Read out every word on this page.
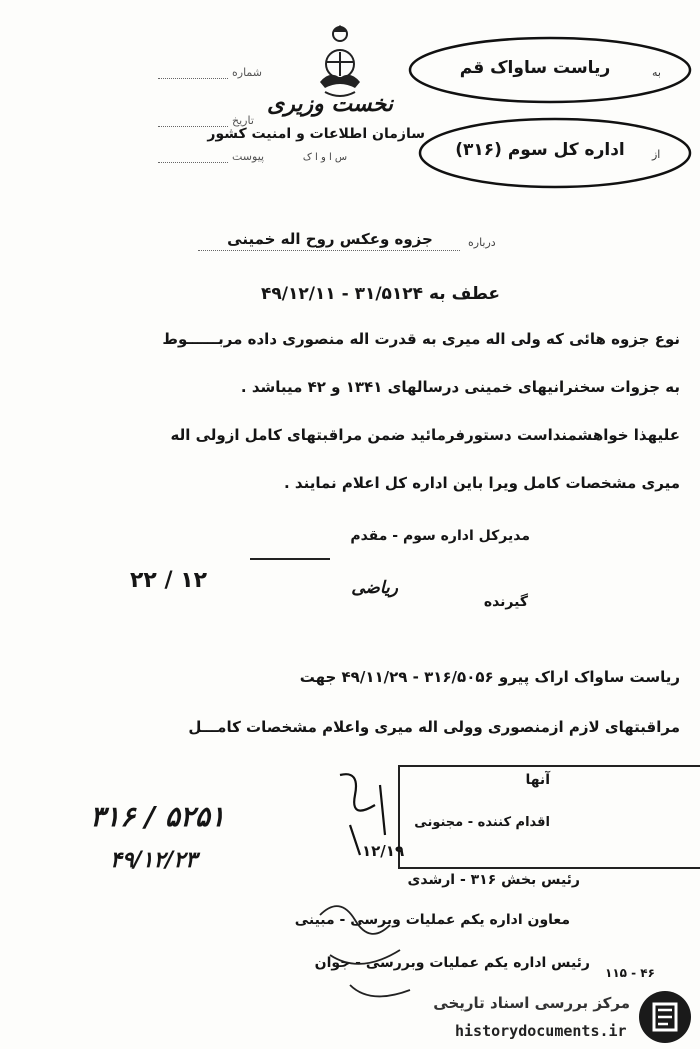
نخست وزیری
سازمان اطلاعات و امنیت کشور
س ا و ا ک
شماره
تاریخ
پیوست
به
ریاست ساواک قم
از
اداره کل سوم (۳۱۶)
درباره
جزوه وعکس روح اله خمینی
عطف به ۳۱/۵۱۲۴ - ۴۹/۱۲/۱۱
نوع جزوه هائی که ولی اله میری به قدرت اله منصوری داده مربــــــوط
به جزوات سخنرانیهای خمینی درسالهای ۱۳۴۱ و ۴۲ میباشد .
علیهذا خواهشمنداست دستورفرمائید ضمن مراقبتهای کامل ازولی اله
میری مشخصات کامل ویرا باین اداره کل اعلام نمایند .
مدیرکل اداره سوم - مقدم
۲۲ / ۱۲	ریاضی
گیرنده
ریاست ساواک اراک پیرو ۳۱۶/۵۰۵۶ - ۴۹/۱۱/۲۹ جهت
مراقبتهای لازم ازمنصوری وولی اله میری واعلام مشخصات کامـــل
آنها
اقدام کننده - مجنونی
۱۲/۱۹
۳۱۶ / ۵۲۵۱
۴۹/۱۲/۲۳
رئیس بخش ۳۱۶ - ارشدی
معاون اداره یکم عملیات وبرسی - مبینی
رئیس اداره یکم عملیات وبررسی - جوان
۱۱۵ - ۴۶
مرکز بررسی اسناد تاریخی
historydocuments.ir
